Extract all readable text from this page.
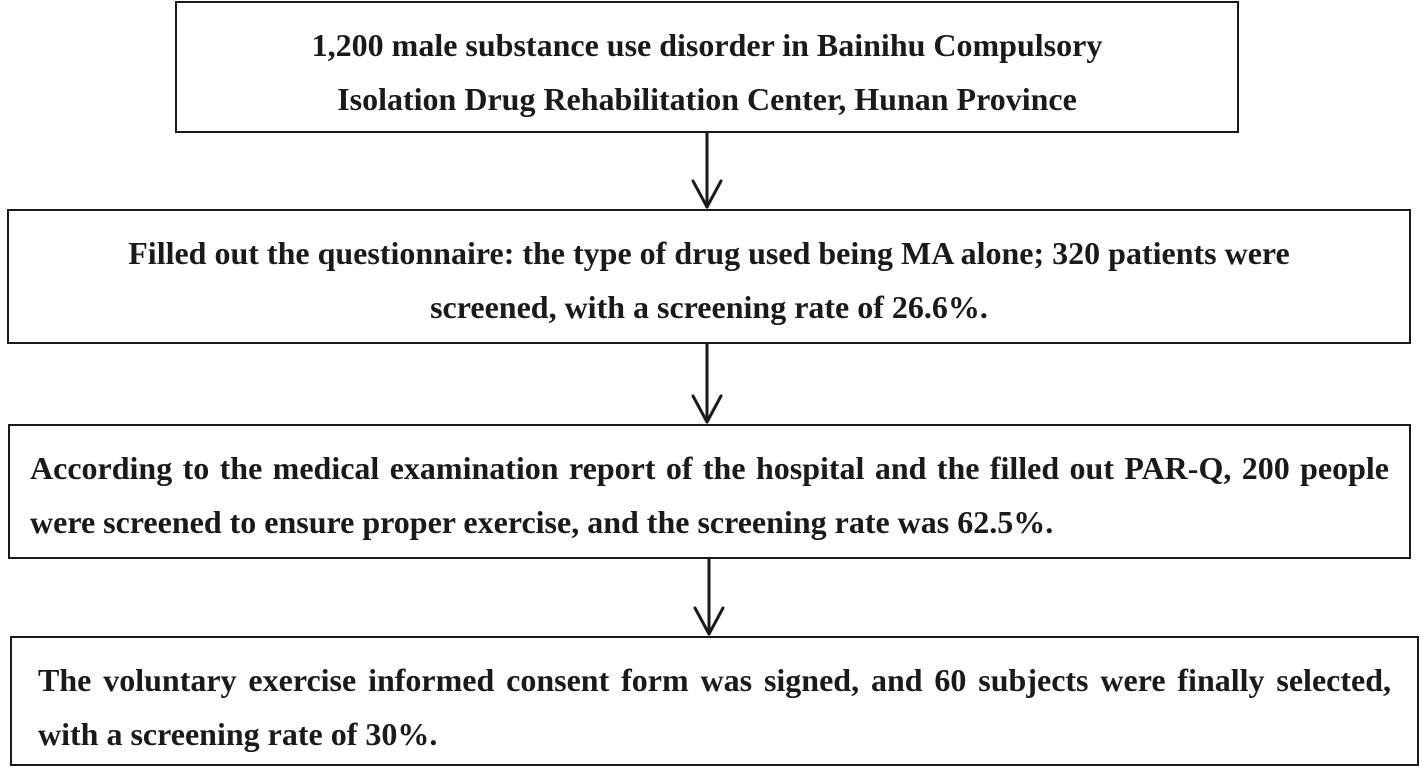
1,200 male substance use disorder in Bainihu Compulsory

Isolation Drug Rehabilitation Center, Hunan Province

Filled out the questionnaire: the type of drug used being MA alone; 320 patients were

screened, with a screening rate of 26.6%.

According to the medical examination report of the hospital and the filled out PAR-Q, 200 people were screened to ensure proper exercise, and the screening rate was 62.5%.

The voluntary exercise informed consent form was signed, and 60 subjects were finally selected, with a screening rate of 30%.
